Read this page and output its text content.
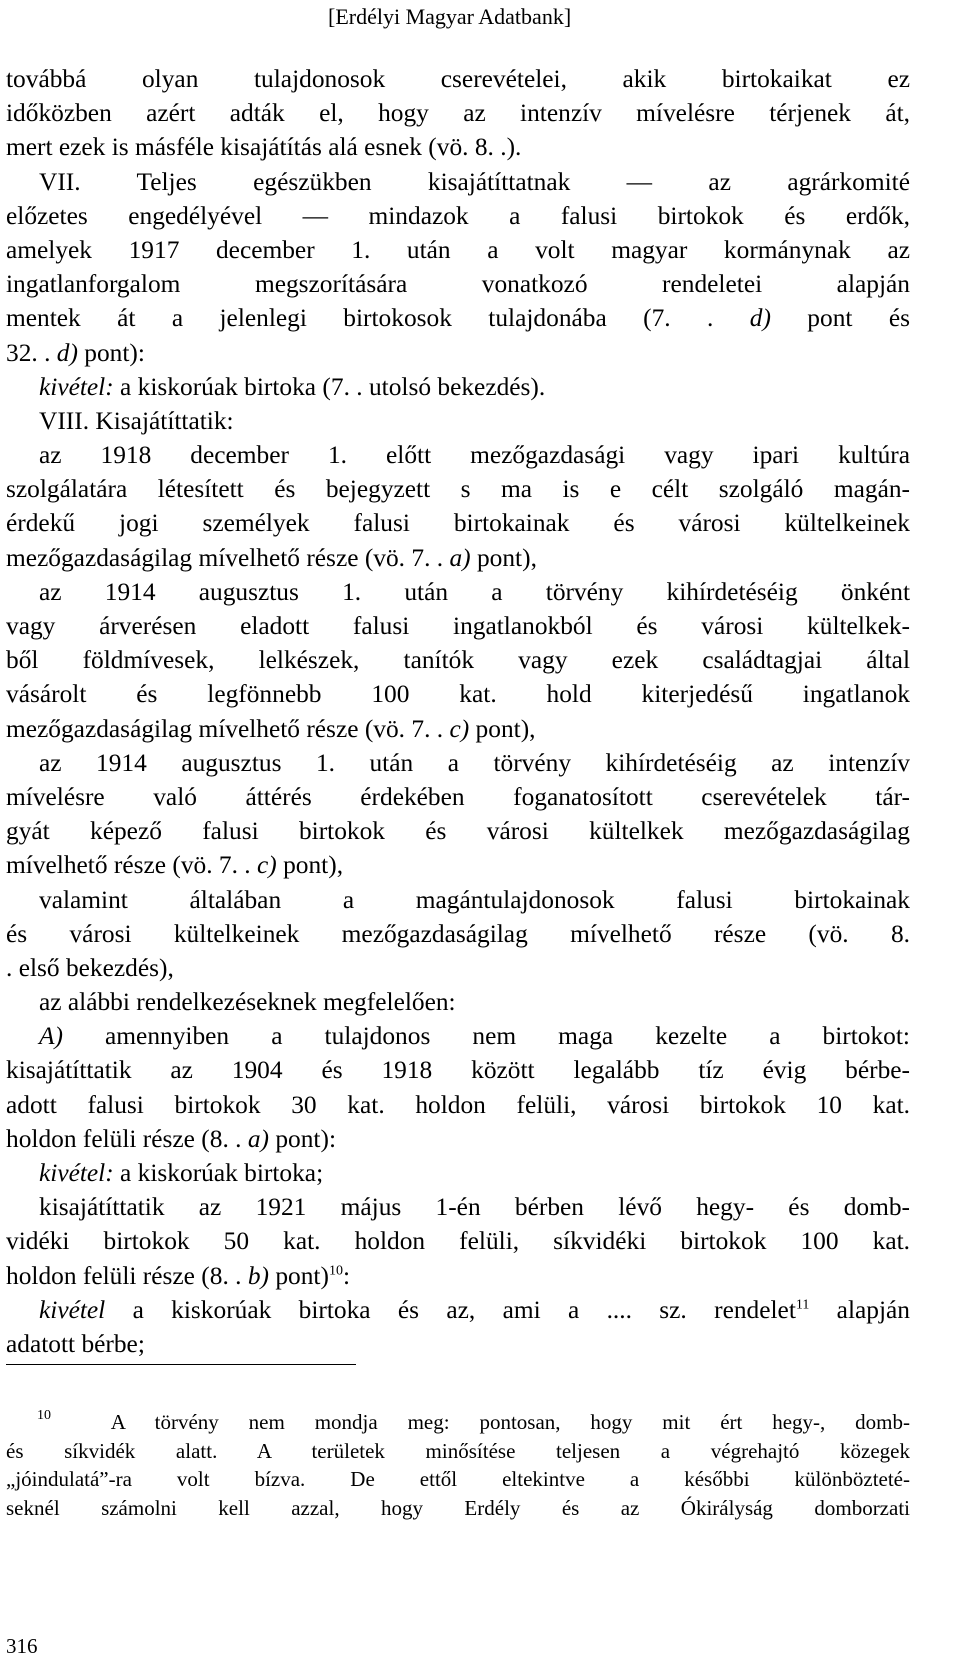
[Erdélyi Magyar Adatbank]
továbbá olyan tulajdonosok cserevételei, akik birtokaikat ez
időközben azért adták el, hogy az intenzív mívelésre térjenek át,
mert ezek is másféle kisajátítás alá esnek (vö. 8. .).
VII. Teljes egészükben kisajátíttatnak — az agrárkomité
előzetes engedélyével — mindazok a falusi birtokok és erdők,
amelyek 1917 december 1. után a volt magyar kormánynak az
ingatlanforgalom megszorítására vonatkozó rendeletei alapján
mentek át a jelenlegi birtokosok tulajdonába (7. . d) pont és
32. . d) pont):
kivétel: a kiskorúak birtoka (7. . utolsó bekezdés).
VIII. Kisajátíttatik:
az 1918 december 1. előtt mezőgazdasági vagy ipari kultúra
szolgálatára létesített és bejegyzett s ma is e célt szolgáló magán-
érdekű jogi személyek falusi birtokainak és városi kültelkeinek
mezőgazdaságilag mívelhető része (vö. 7. . a) pont),
az 1914 augusztus 1. után a törvény kihírdetéséig önként
vagy árverésen eladott falusi ingatlanokból és városi kültelkek-
ből földmívesek, lelkészek, tanítók vagy ezek családtagjai által
vásárolt és legfönnebb 100 kat. hold kiterjedésű ingatlanok
mezőgazdaságilag mívelhető része (vö. 7. . c) pont),
az 1914 augusztus 1. után a törvény kihírdetéséig az intenzív
mívelésre való áttérés érdekében foganatosított cserevételek tár-
gyát képező falusi birtokok és városi kültelkek mezőgazdaságilag
mívelhető része (vö. 7. . c) pont),
valamint általában a magántulajdonosok falusi birtokainak
és városi kültelkeinek mezőgazdaságilag mívelhető része (vö. 8.
. első bekezdés),
az alábbi rendelkezéseknek megfelelően:
A) amennyiben a tulajdonos nem maga kezelte a birtokot:
kisajátíttatik az 1904 és 1918 között legalább tíz évig bérbe-
adott falusi birtokok 30 kat. holdon felüli, városi birtokok 10 kat.
holdon felüli része (8. . a) pont):
kivétel: a kiskorúak birtoka;
kisajátíttatik az 1921 május 1-én bérben lévő hegy- és domb-
vidéki birtokok 50 kat. holdon felüli, síkvidéki birtokok 100 kat.
holdon felüli része (8. . b) pont)$^{10}$:
kivétel a kiskorúak birtoka és az, ami a .... sz. rendelet$^{11}$ alapján
adatott bérbe;
$^{10}$	A törvény nem mondja meg: pontosan, hogy mit ért hegy-, domb-
és síkvidék alatt. A területek minősítése teljesen a végrehajtó közegek
„jóindulatá”-ra volt bízva. De ettől eltekintve a későbbi különbözteté-
seknél számolni kell azzal, hogy Erdély és az Ókirályság domborzati
316
